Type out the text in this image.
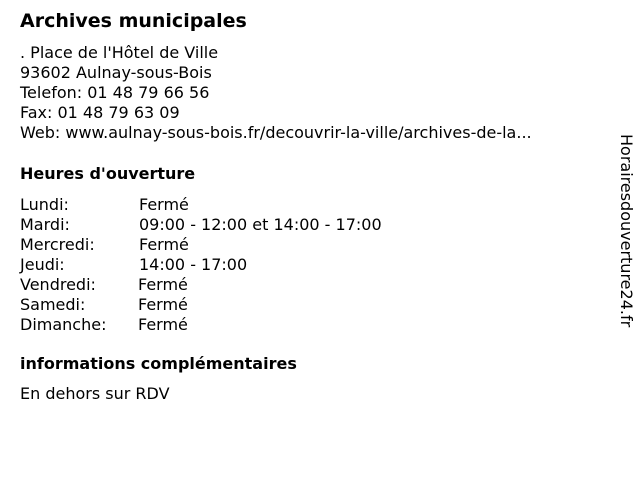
Archives municipales
. Place de l'Hôtel de Ville
93602 Aulnay-sous-Bois
Telefon: 01 48 79 66 56
Fax: 01 48 79 63 09
Web: www.aulnay-sous-bois.fr/decouvrir-la-ville/archives-de-la...
Heures d'ouverture
Lundi:	Fermé
Mardi:	09:00 - 12:00 et 14:00 - 17:00
Mercredi:	Fermé
Jeudi:	14:00 - 17:00
Vendredi:	Fermé
Samedi:	Fermé
Dimanche: Fermé
informations complémentaires
En dehors sur RDV
Horairesdouverture24.fr
